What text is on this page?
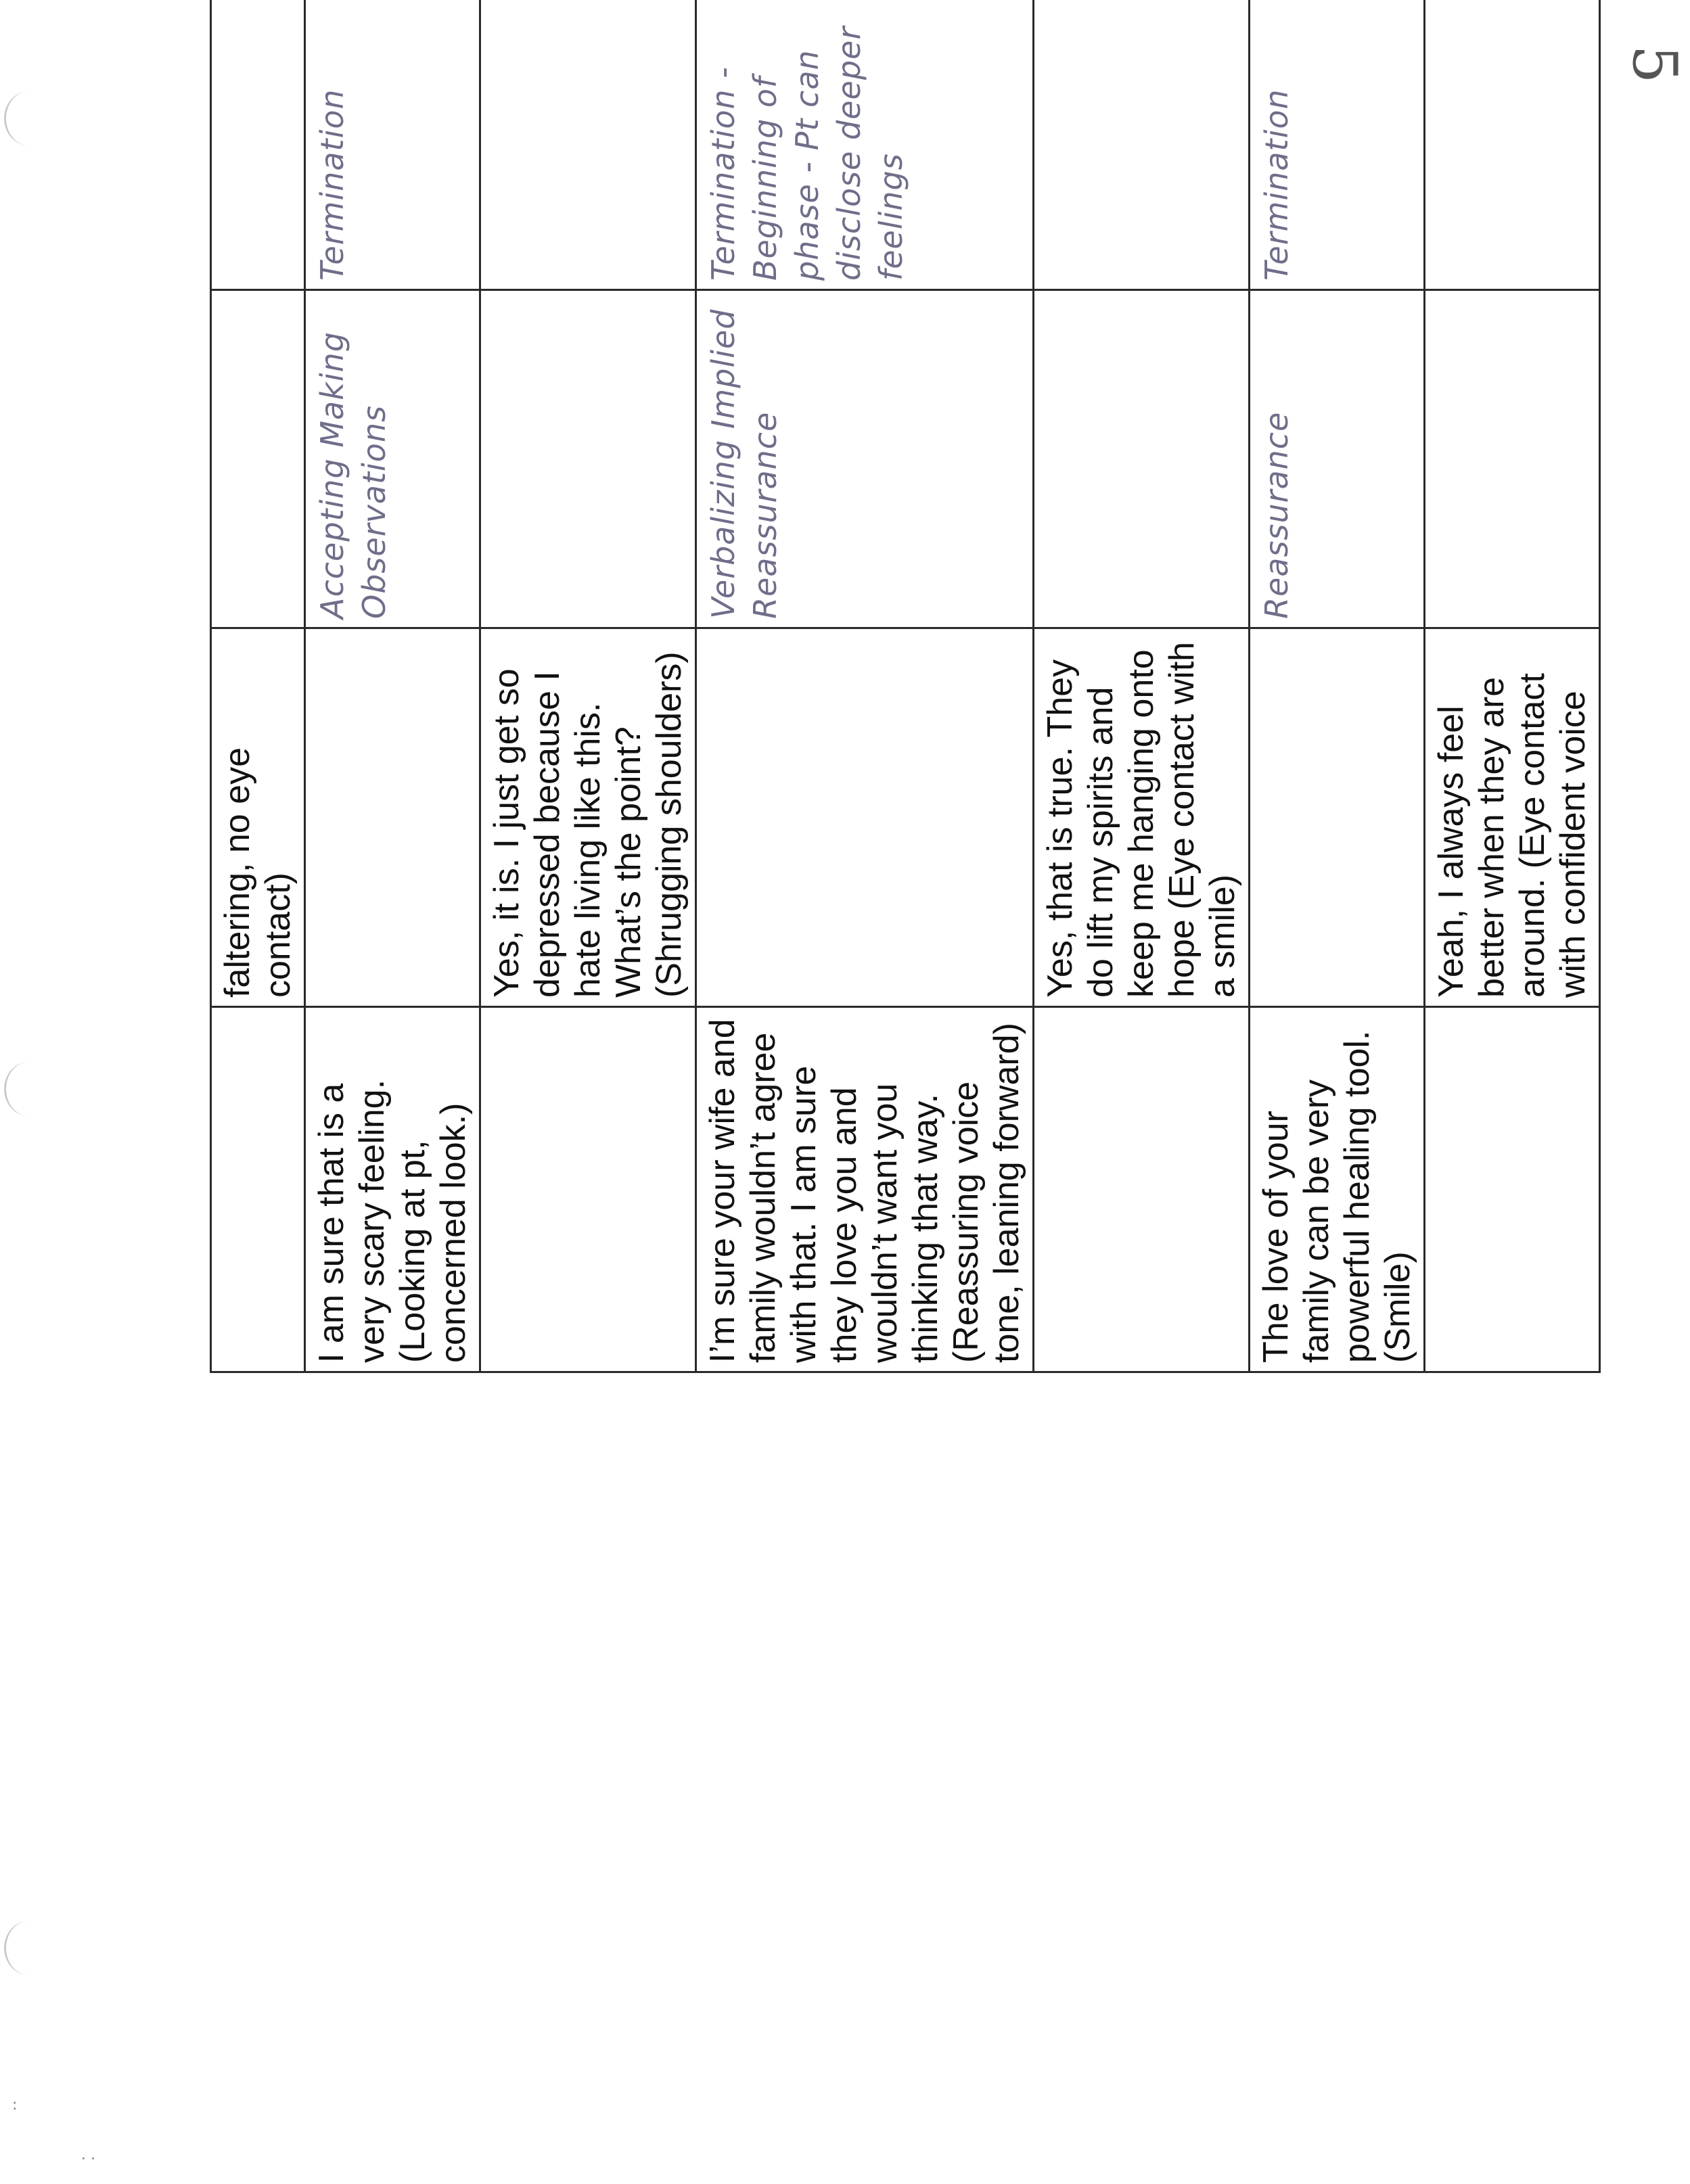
5
:
· ·
	faltering, no eye contact)			
I am sure that is a very scary feeling. (Looking at pt, concerned look.)		Accepting Making Observations	Termination	
	Yes, it is. I just get so depressed because I hate living like this. What’s the point? (Shrugging shoulders)			
I’m sure your wife and family wouldn’t agree with that. I am sure they love you and wouldn’t want you thinking that way. (Reassuring voice tone, leaning forward)		Verbalizing Implied Reassurance	Termination - Beginning of phase - Pt can disclose deeper feelings	
	Yes, that is true. They do lift my spirits and keep me hanging onto hope (Eye contact with a smile)			
The love of your family can be very powerful healing tool. (Smile)		Reassurance	Termination	
	Yeah, I always feel better when they are around. (Eye contact with confident voice			
